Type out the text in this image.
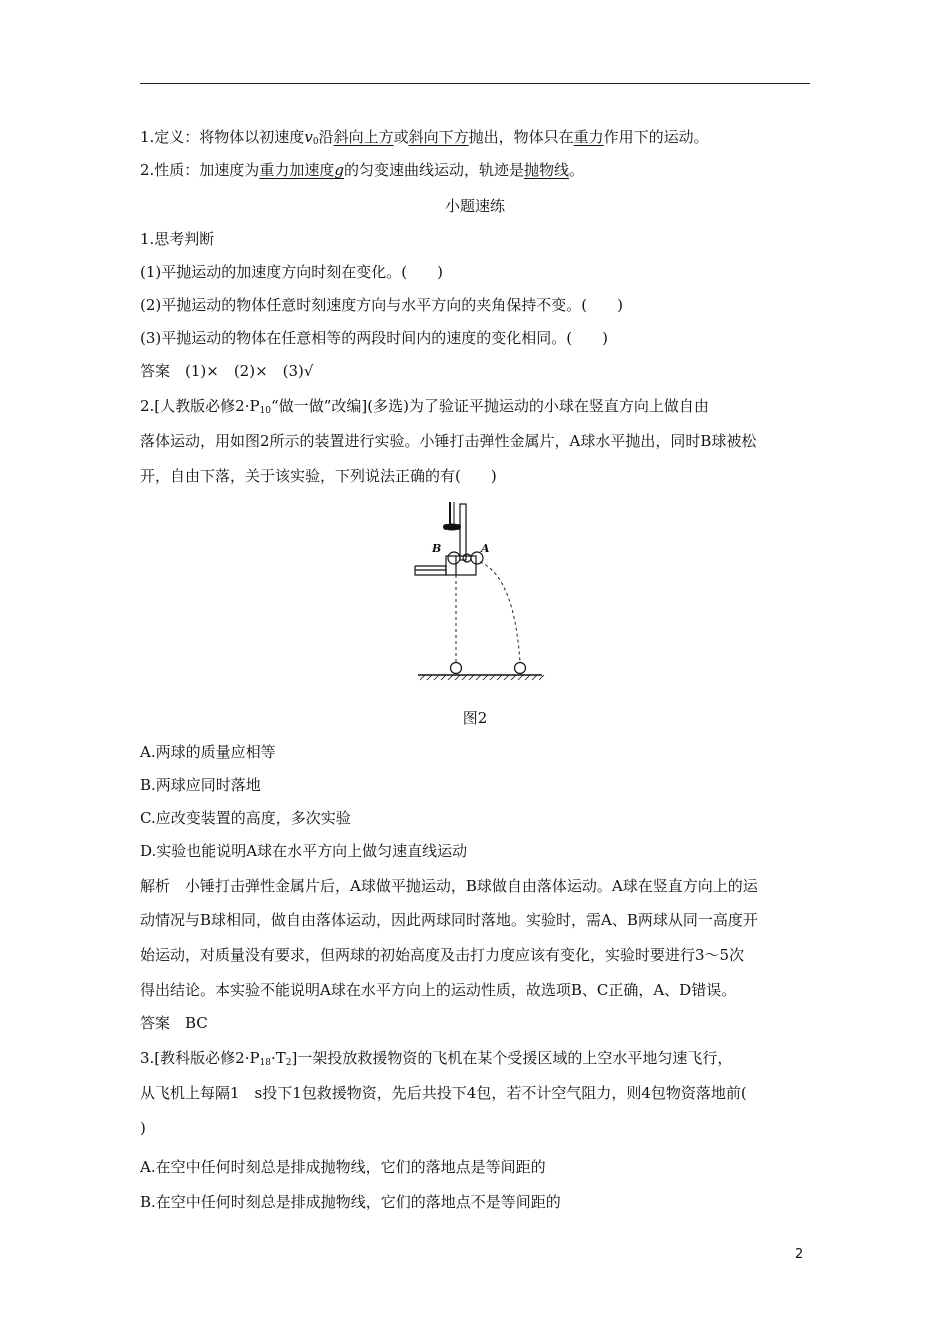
1.定义：将物体以初速度$v_0$沿斜向上方或斜向下方抛出，物体只在重力作用下的运动。
2.性质：加速度为重力加速度g的匀变速曲线运动，轨迹是抛物线。
小题速练
1.思考判断
(1)平抛运动的加速度方向时刻在变化。(　　)
(2)平抛运动的物体任意时刻速度方向与水平方向的夹角保持不变。(　　)
(3)平抛运动的物体在任意相等的两段时间内的速度的变化相同。(　　)
答案　(1)×　(2)×　(3)√
2.[人教版必修$2\cdot P_{10}“$做一做”改编](多选)为了验证平抛运动的小球在竖直方向上做自由
落体运动，用如图2所示的装置进行实验。小锤打击弹性金属片，A球水平抛出，同时B球被松
开，自由下落，关于该实验，下列说法正确的有(　　)
B	A
图2
A.两球的质量应相等
B.两球应同时落地
C.应改变装置的高度，多次实验
D.实验也能说明A球在水平方向上做匀速直线运动
解析　小锤打击弹性金属片后，A球做平抛运动，B球做自由落体运动。A球在竖直方向上的运
动情况与B球相同，做自由落体运动，因此两球同时落地。实验时，需A、B两球从同一高度开
始运动，对质量没有要求，但两球的初始高度及击打力度应该有变化，实验时要进行3～5次
得出结论。本实验不能说明A球在水平方向上的运动性质，故选项B、C正确，A、D错误。
答案　BC
3.[教科版必修$2\cdot P_{18}\cdot T_2$]一架投放救援物资的飞机在某个受援区域的上空水平地匀速飞行，
从飞机上每隔1　s投下1包救援物资，先后共投下4包，若不计空气阻力，则4包物资落地前(
)
A.在空中任何时刻总是排成抛物线，它们的落地点是等间距的
B.在空中任何时刻总是排成抛物线，它们的落地点不是等间距的
2
